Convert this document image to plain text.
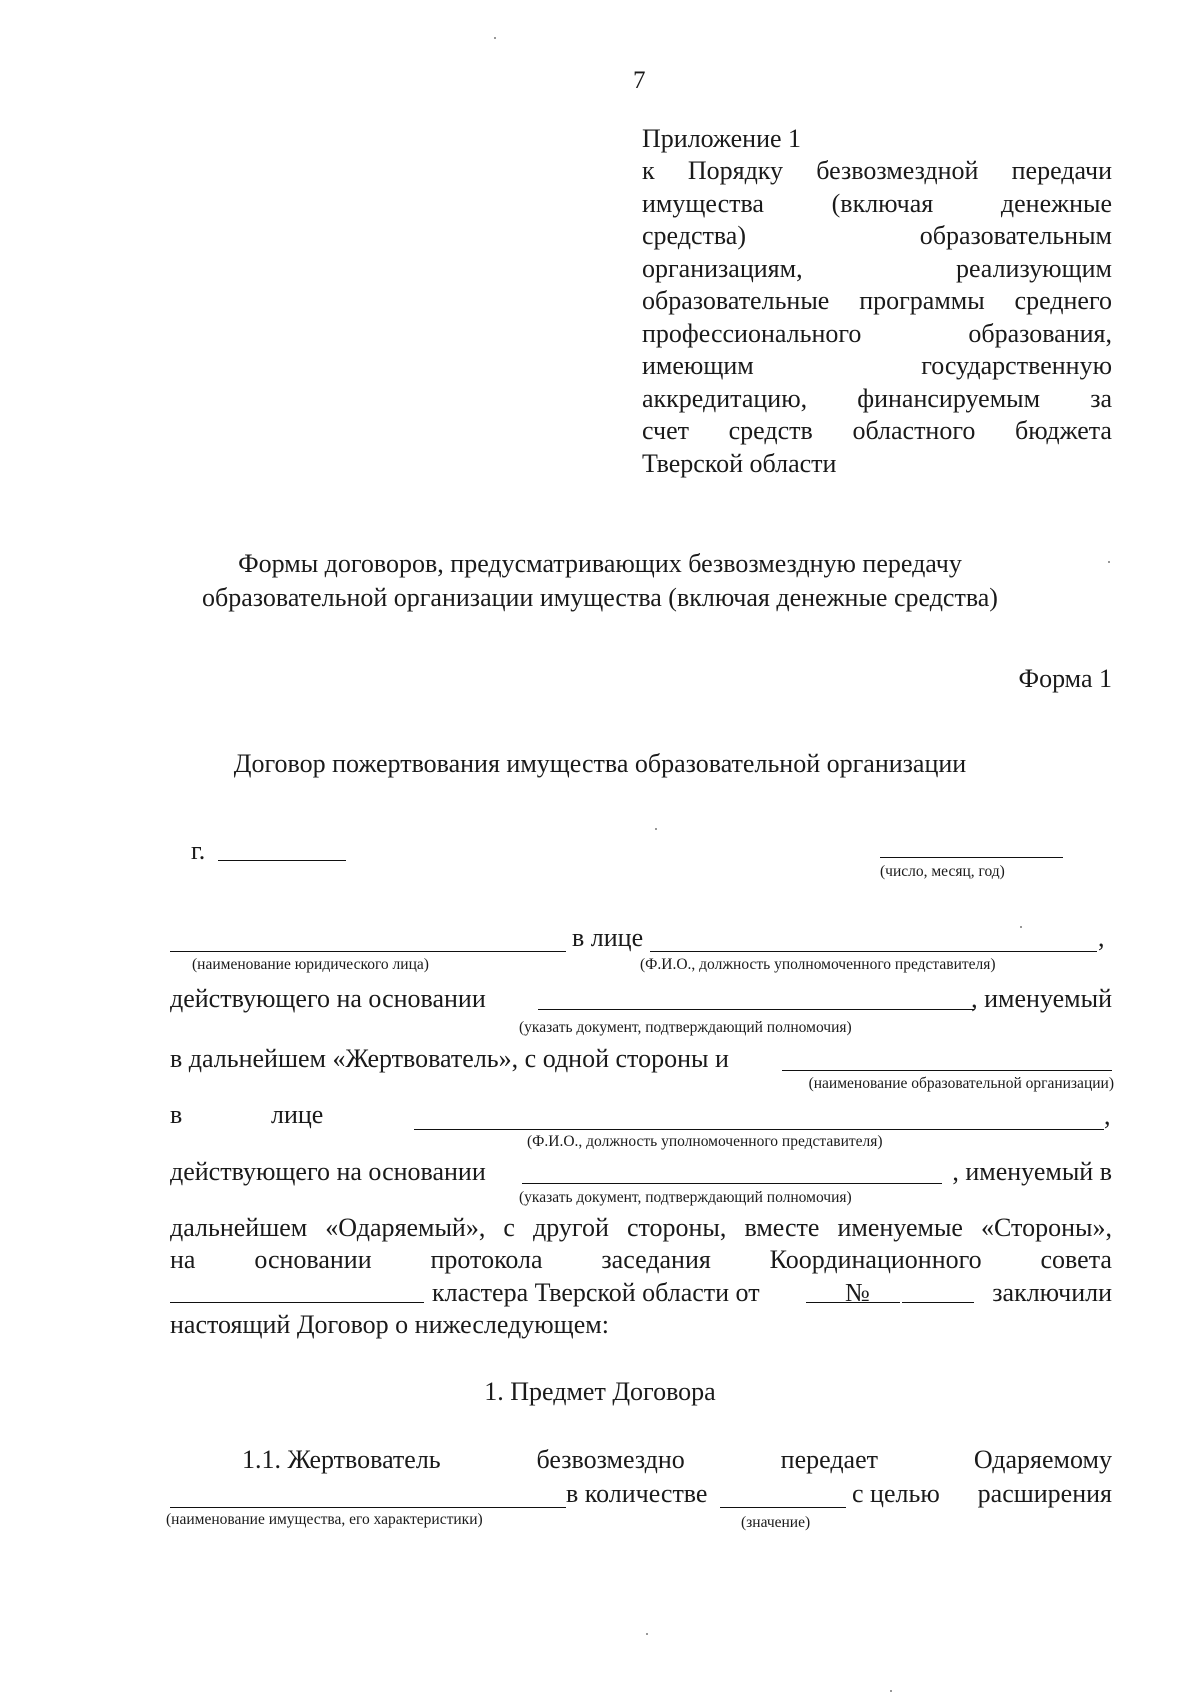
7
Приложение 1
к Порядку безвозмездной передачи
имущества	(включая	денежные
средства)	образовательным
организациям,	реализующим
образовательные программы среднего
профессионального	образования,
имеющим	государственную
аккредитацию, финансируемым за
счет средств областного бюджета
Тверской области
Формы договоров, предусматривающих безвозмездную передачу
образовательной организации имущества (включая денежные средства)
Форма 1
Договор пожертвования имущества образовательной организации
г.
(число, месяц, год)
в лице	,
(наименование юридического лица)	(Ф.И.О., должность уполномоченного представителя)
действующего на основании	, именуемый
(указать документ, подтверждающий полномочия)
в дальнейшем «Жертвователь», с одной стороны и
(наименование образовательной организации)
в	лице	,
(Ф.И.О., должность уполномоченного представителя)
действующего на основании	, именуемый в
(указать документ, подтверждающий полномочия)
дальнейшем «Одаряемый», с другой стороны, вместе именуемые «Стороны»,
на основании протокола заседания Координационного совета
кластера Тверской области от	№	заключили
настоящий Договор о нижеследующем:
1. Предмет Договора
1.1. Жертвователь	безвозмездно	передает	Одаряемому
в количестве	с целью расширения
(наименование имущества, его характеристики)	(значение)
